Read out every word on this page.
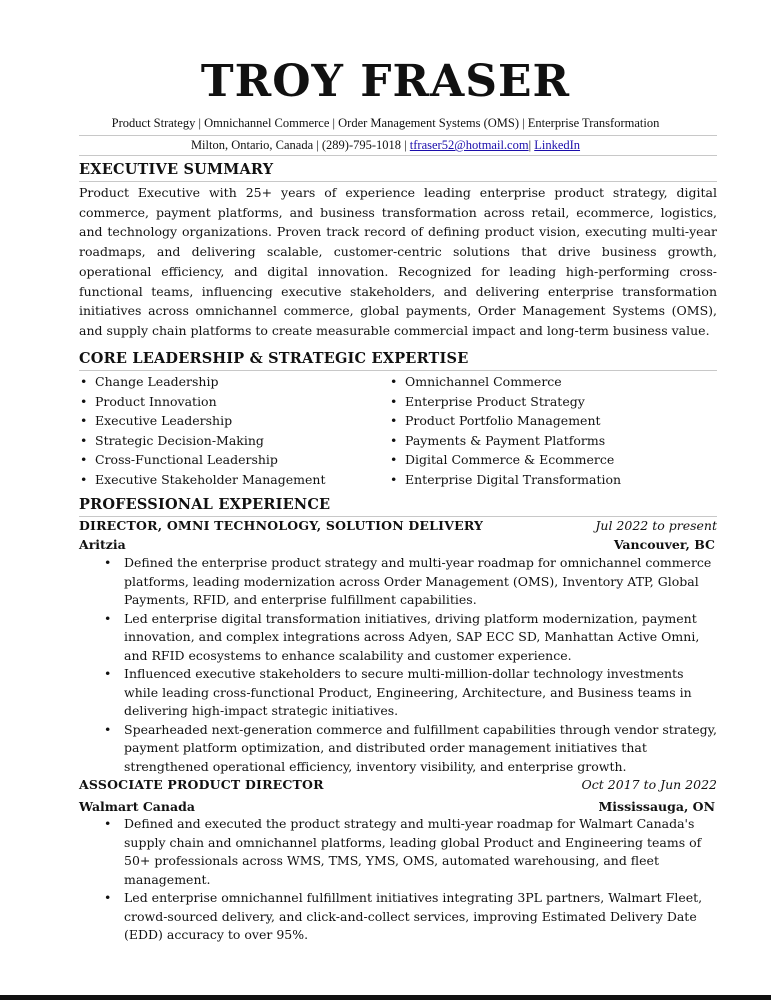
TROY FRASER
Product Strategy | Omnichannel Commerce | Order Management Systems (OMS) | Enterprise Transformation
Milton, Ontario, Canada | (289)-795-1018 | tfraser52@hotmail.com| LinkedIn
EXECUTIVE SUMMARY
Product Executive with 25+ years of experience leading enterprise product strategy, digital commerce, payment platforms, and business transformation across retail, ecommerce, logistics, and technology organizations. Proven track record of defining product vision, executing multi-year roadmaps, and delivering scalable, customer-centric solutions that drive business growth, operational efficiency, and digital innovation. Recognized for leading high-performing cross-functional teams, influencing executive stakeholders, and delivering enterprise transformation initiatives across omnichannel commerce, global payments, Order Management Systems (OMS), and supply chain platforms to create measurable commercial impact and long-term business value.
CORE LEADERSHIP & STRATEGIC EXPERTISE
• Change Leadership
• Product Innovation
• Executive Leadership
• Strategic Decision-Making
• Cross-Functional Leadership
• Executive Stakeholder Management
• Omnichannel Commerce
• Enterprise Product Strategy
• Product Portfolio Management
• Payments & Payment Platforms
• Digital Commerce & Ecommerce
• Enterprise Digital Transformation
PROFESSIONAL EXPERIENCE
DIRECTOR, OMNI TECHNOLOGY, SOLUTION DELIVERY	Jul 2022 to present
Aritzia	Vancouver, BC
• Defined the enterprise product strategy and multi-year roadmap for omnichannel commerce platforms, leading modernization across Order Management (OMS), Inventory ATP, Global Payments, RFID, and enterprise fulfillment capabilities.
• Led enterprise digital transformation initiatives, driving platform modernization, payment innovation, and complex integrations across Adyen, SAP ECC SD, Manhattan Active Omni, and RFID ecosystems to enhance scalability and customer experience.
• Influenced executive stakeholders to secure multi-million-dollar technology investments while leading cross-functional Product, Engineering, Architecture, and Business teams in delivering high-impact strategic initiatives.
• Spearheaded next-generation commerce and fulfillment capabilities through vendor strategy, payment platform optimization, and distributed order management initiatives that strengthened operational efficiency, inventory visibility, and enterprise growth.
ASSOCIATE PRODUCT DIRECTOR	Oct 2017 to Jun 2022
Walmart Canada	Mississauga, ON
• Defined and executed the product strategy and multi-year roadmap for Walmart Canada's supply chain and omnichannel platforms, leading global Product and Engineering teams of 50+ professionals across WMS, TMS, YMS, OMS, automated warehousing, and fleet management.
• Led enterprise omnichannel fulfillment initiatives integrating 3PL partners, Walmart Fleet, crowd-sourced delivery, and click-and-collect services, improving Estimated Delivery Date (EDD) accuracy to over 95%.
